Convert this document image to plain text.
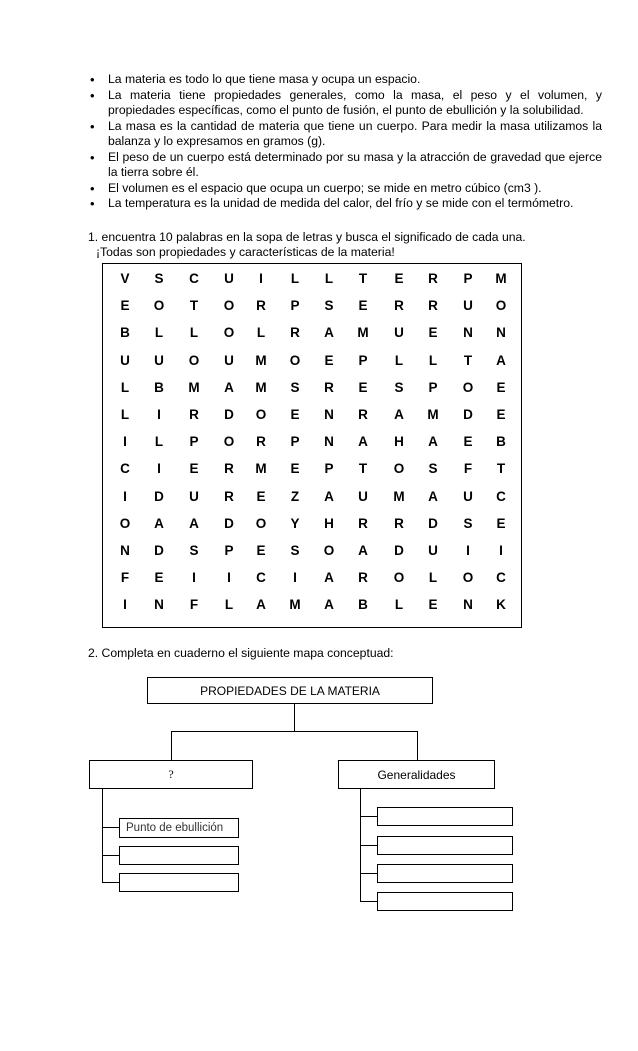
• La materia es todo lo que tiene masa y ocupa un espacio.
• La materia tiene propiedades generales, como la masa, el peso y el volumen, y propiedades específicas, como el punto de fusión, el punto de ebullición y la solubilidad.
• La masa es la cantidad de materia que tiene un cuerpo. Para medir la masa utilizamos la balanza y lo expresamos en gramos (g).
• El peso de un cuerpo está determinado por su masa y la atracción de gravedad que ejerce la tierra sobre él.
• El volumen es el espacio que ocupa un cuerpo; se mide en metro cúbico (cm3 ).
• La temperatura es la unidad de medida del calor, del frío y se mide con el termómetro.
1. encuentra 10 palabras en la sopa de letras y busca el significado de cada una.
¡Todas son propiedades y características de la materia!
V S C U I L L T E R P M
E O T O R P S E R R U O
B L L O L R A M U E N N
U U O U M O E P L L T A
L B M A M S R E S P O E
L I R D O E N R A M D E
I L P O R P N A H A E B
C I E R M E P T O S F T
I D U R E Z A U M A U C
O A A D O Y H R R D S E
N D S P E S O A D U I I
F E I I C I A R O L O C
I N F L A M A B L E N K
2. Completa en cuaderno el siguiente mapa conceptuad:
PROPIEDADES DE LA MATERIA
?	Generalidades
Punto de ebullición
